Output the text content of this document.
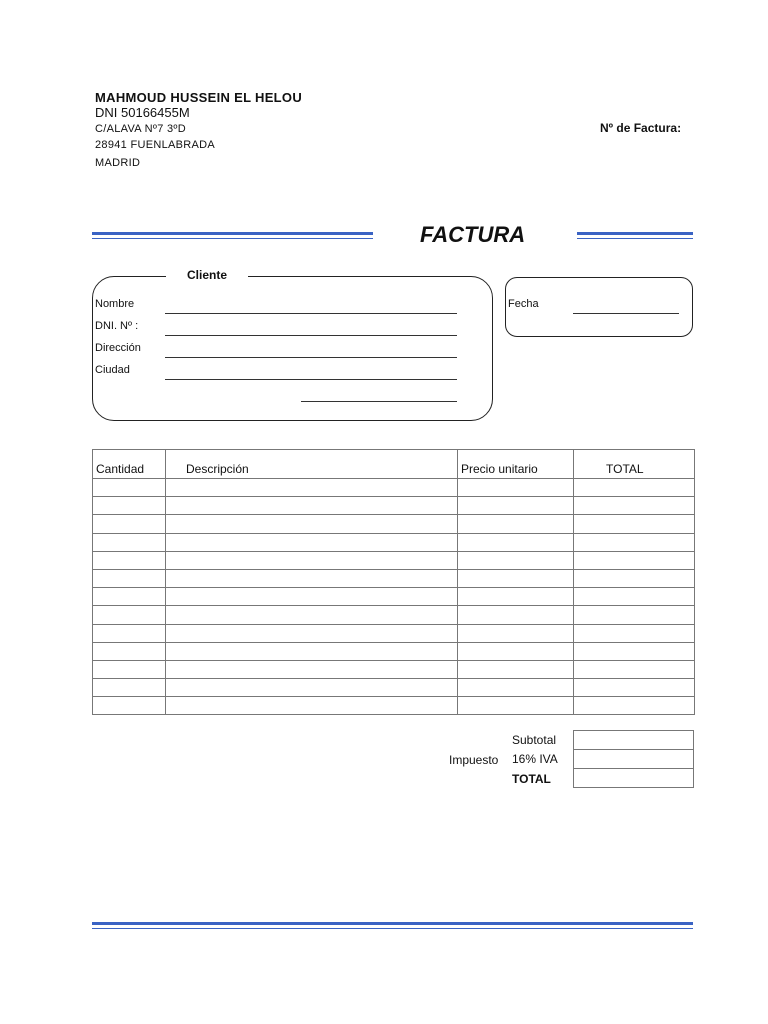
MAHMOUD HUSSEIN EL HELOU
DNI 50166455M
C/ALAVA Nº7 3ºD
28941 FUENLABRADA
MADRID
Nº de Factura:
FACTURA
Cliente
Nombre
DNI. Nº :
Dirección
Ciudad
Fecha
Cantidad	Descripción	Precio unitario	TOTAL

Subtotal
Impuesto 16% IVA
TOTAL
